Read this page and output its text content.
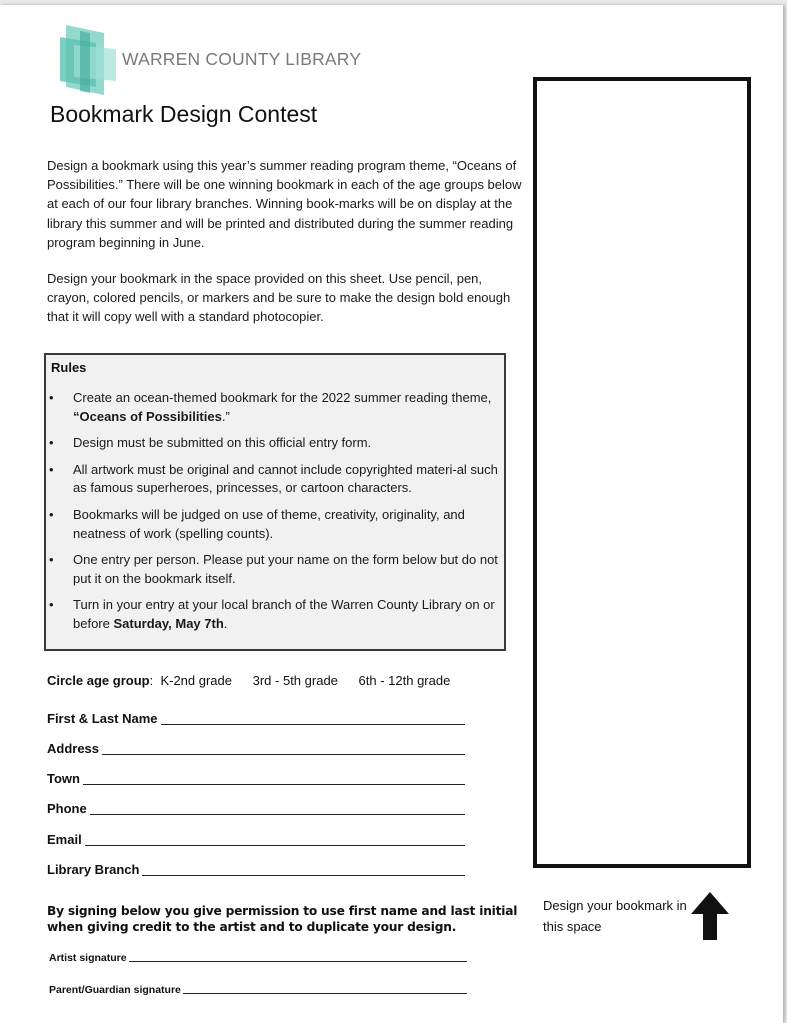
WARREN COUNTY LIBRARY
Bookmark Design Contest

Design a bookmark using this year’s summer reading program theme, “Oceans of Possibilities.” There will be one winning bookmark in each of the age groups below at each of our four library branches. Winning book-marks will be on display at the library this summer and will be printed and distributed during the summer reading program beginning in June.

Design your bookmark in the space provided on this sheet. Use pencil, pen, crayon, colored pencils, or markers and be sure to make the design bold enough that it will copy well with a standard photocopier.

Rules
• Create an ocean-themed bookmark for the 2022 summer reading theme, “Oceans of Possibilities.”
• Design must be submitted on this official entry form.
• All artwork must be original and cannot include copyrighted materi-al such as famous superheroes, princesses, or cartoon characters.
• Bookmarks will be judged on use of theme, creativity, originality, and neatness of work (spelling counts).
• One entry per person. Please put your name on the form below but do not put it on the bookmark itself.
• Turn in your entry at your local branch of the Warren County Library on or before Saturday, May 7th.
Circle age group: K-2nd grade 3rd - 5th grade 6th - 12th grade
First & Last Name
Address
Town
Phone
Email
Library Branch

By signing below you give permission to use first name and last initial when giving credit to the artist and to duplicate your design.

Artist signature
Parent/Guardian signature
Design your bookmark in this space
